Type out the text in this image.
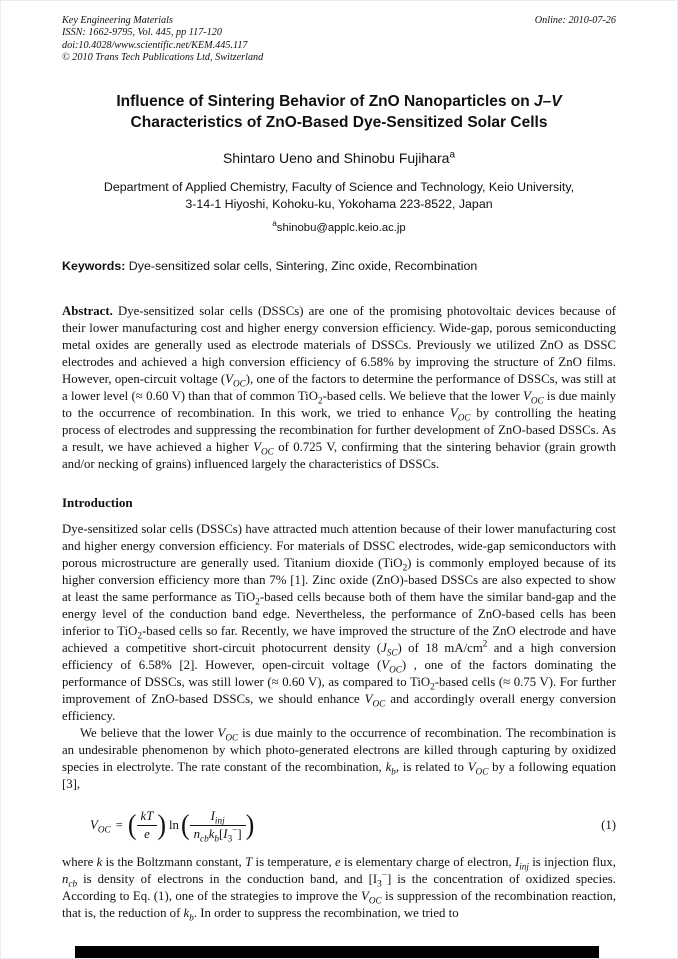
Key Engineering Materials
ISSN: 1662-9795, Vol. 445, pp 117-120
doi:10.4028/www.scientific.net/KEM.445.117
© 2010 Trans Tech Publications Ltd, Switzerland
Online: 2010-07-26
Influence of Sintering Behavior of ZnO Nanoparticles on J–V
Characteristics of ZnO-Based Dye-Sensitized Solar Cells
Shintaro Ueno and Shinobu Fujihara$^a$
Department of Applied Chemistry, Faculty of Science and Technology, Keio University,
3-14-1 Hiyoshi, Kohoku-ku, Yokohama 223-8522, Japan
$^a$shinobu@applc.keio.ac.jp
Keywords: Dye-sensitized solar cells, Sintering, Zinc oxide, Recombination

Abstract. Dye-sensitized solar cells (DSSCs) are one of the promising photovoltaic devices because of their lower manufacturing cost and higher energy conversion efficiency. Wide-gap, porous semiconducting metal oxides are generally used as electrode materials of DSSCs. Previously we utilized ZnO as DSSC electrodes and achieved a high conversion efficiency of 6.58% by improving the structure of ZnO films. However, open-circuit voltage $(V_{OC})$, one of the factors to determine the performance of DSSCs, was still at a lower level (≈ 0.60 V) than that of common TiO$_2$-based cells. We believe that the lower $V_{OC}$ is due mainly to the occurrence of recombination. In this work, we tried to enhance $V_{OC}$ by controlling the heating process of electrodes and suppressing the recombination for further development of ZnO-based DSSCs. As a result, we have achieved a higher $V_{OC}$ of 0.725 V, confirming that the sintering behavior (grain growth and/or necking of grains) influenced largely the characteristics of DSSCs.

Introduction

Dye-sensitized solar cells (DSSCs) have attracted much attention because of their lower manufacturing cost and higher energy conversion efficiency. For materials of DSSC electrodes, wide-gap semiconductors with porous microstructure are generally used. Titanium dioxide (TiO$_2$) is commonly employed because of its higher conversion efficiency more than 7% [1]. Zinc oxide (ZnO)-based DSSCs are also expected to show at least the same performance as TiO$_2$-based cells because both of them have the similar band-gap and the energy level of the conduction band edge. Nevertheless, the performance of ZnO-based cells has been inferior to TiO$_2$-based cells so far. Recently, we have improved the structure of the ZnO electrode and have achieved a competitive short-circuit photocurrent density $(J_{SC})$ of 18 $mA/cm^2$ and a high conversion efficiency of 6.58% [2]. However, open-circuit voltage $(V_{OC})$ , one of the factors dominating the performance of DSSCs, was still lower (≈ 0.60 V), as compared to TiO$_2$-based cells (≈ 0.75 V). For further improvement of ZnO-based DSSCs, we should enhance $V_{OC}$ and accordingly overall energy conversion efficiency.

We believe that the lower $V_{OC}$ is due mainly to the occurrence of recombination. The recombination is an undesirable phenomenon by which photo-generated electrons are killed through capturing by oxidized species in electrolyte. The rate constant of the recombination, $k_b$, is related to $V_{OC}$ by a following equation [3],

$V_{OC}$ = ( $\frac{kT}{e}$ ) ln ( $\frac{I_{inj}}{n_{cb}k_b[I_3^-]}$ )	(1)

where k is the Boltzmann constant, T is temperature, e is elementary charge of electron, $I_{inj}$ is injection flux, $n_{cb}$ is density of electrons in the conduction band, and $[I_3^-]$ is the concentration of oxidized species. According to Eq. (1), one of the strategies to improve the $V_{OC}$ is suppression of the recombination reaction, that is, the reduction of $k_b$. In order to suppress the recombination, we tried to
